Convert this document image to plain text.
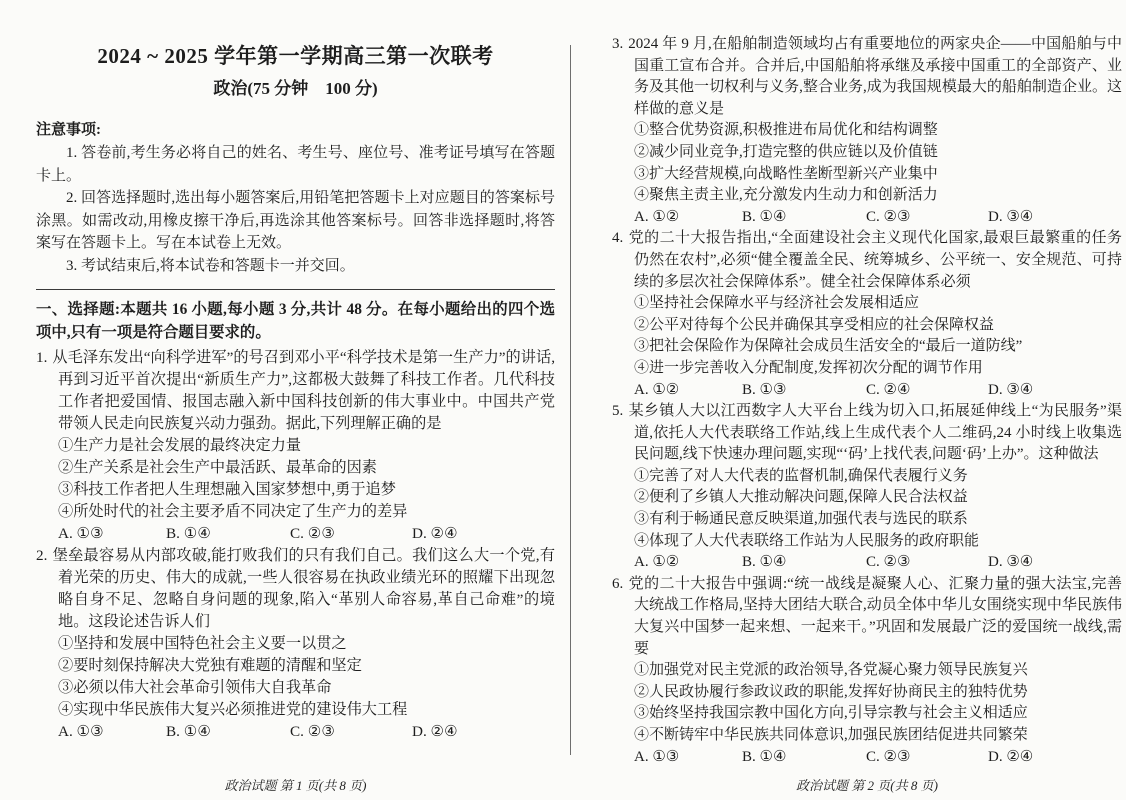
2024 ~ 2025 学年第一学期高三第一次联考
政治(75 分钟　100 分)

注意事项:

1. 答卷前,考生务必将自己的姓名、考生号、座位号、准考证号填写在答题卡上。

2. 回答选择题时,选出每小题答案后,用铅笔把答题卡上对应题目的答案标号涂黑。如需改动,用橡皮擦干净后,再选涂其他答案标号。回答非选择题时,将答案写在答题卡上。写在本试卷上无效。

3. 考试结束后,将本试卷和答题卡一并交回。

一、选择题:本题共 16 小题,每小题 3 分,共计 48 分。在每小题给出的四个选项中,只有一项是符合题目要求的。

1. 从毛泽东发出“向科学进军”的号召到邓小平“科学技术是第一生产力”的讲话,再到习近平首次提出“新质生产力”,这都极大鼓舞了科技工作者。几代科技工作者把爱国情、报国志融入新中国科技创新的伟大事业中。中国共产党带领人民走向民族复兴动力强劲。据此,下列理解正确的是

①生产力是社会发展的最终决定力量

②生产关系是社会生产中最活跃、最革命的因素

③科技工作者把人生理想融入国家梦想中,勇于追梦

④所处时代的社会主要矛盾不同决定了生产力的差异

A. ①③	B. ①④	C. ②③	D. ②④

2. 堡垒最容易从内部攻破,能打败我们的只有我们自己。我们这么大一个党,有着光荣的历史、伟大的成就,一些人很容易在执政业绩光环的照耀下出现忽略自身不足、忽略自身问题的现象,陷入“革别人命容易,革自己命难”的境地。这段论述告诉人们

①坚持和发展中国特色社会主义要一以贯之

②要时刻保持解决大党独有难题的清醒和坚定

③必须以伟大社会革命引领伟大自我革命

④实现中华民族伟大复兴必须推进党的建设伟大工程

A. ①③	B. ①④	C. ②③	D. ②④

政治试题 第 1 页(共 8 页)

3. 2024 年 9 月,在船舶制造领域均占有重要地位的两家央企——中国船舶与中国重工宣布合并。合并后,中国船舶将承继及承接中国重工的全部资产、业务及其他一切权利与义务,整合业务,成为我国规模最大的船舶制造企业。这样做的意义是

①整合优势资源,积极推进布局优化和结构调整

②减少同业竞争,打造完整的供应链以及价值链

③扩大经营规模,向战略性垄断型新兴产业集中

④聚焦主责主业,充分激发内生动力和创新活力

A. ①②	B. ①④	C. ②③	D. ③④

4. 党的二十大报告指出,“全面建设社会主义现代化国家,最艰巨最繁重的任务仍然在农村”,必须“健全覆盖全民、统筹城乡、公平统一、安全规范、可持续的多层次社会保障体系”。健全社会保障体系必须

①坚持社会保障水平与经济社会发展相适应

②公平对待每个公民并确保其享受相应的社会保障权益

③把社会保险作为保障社会成员生活安全的“最后一道防线”

④进一步完善收入分配制度,发挥初次分配的调节作用

A. ①②	B. ①③	C. ②④	D. ③④

5. 某乡镇人大以江西数字人大平台上线为切入口,拓展延伸线上“为民服务”渠道,依托人大代表联络工作站,线上生成代表个人二维码,24 小时线上收集选民问题,线下快速办理问题,实现“‘码’上找代表,问题‘码’上办”。这种做法

①完善了对人大代表的监督机制,确保代表履行义务

②便利了乡镇人大推动解决问题,保障人民合法权益

③有利于畅通民意反映渠道,加强代表与选民的联系

④体现了人大代表联络工作站为人民服务的政府职能

A. ①②	B. ①④	C. ②③	D. ③④

6. 党的二十大报告中强调:“统一战线是凝聚人心、汇聚力量的强大法宝,完善大统战工作格局,坚持大团结大联合,动员全体中华儿女围绕实现中华民族伟大复兴中国梦一起来想、一起来干。”巩固和发展最广泛的爱国统一战线,需要

①加强党对民主党派的政治领导,各党凝心聚力领导民族复兴

②人民政协履行参政议政的职能,发挥好协商民主的独特优势

③始终坚持我国宗教中国化方向,引导宗教与社会主义相适应

④不断铸牢中华民族共同体意识,加强民族团结促进共同繁荣

A. ①③	B. ①④	C. ②③	D. ②④

政治试题 第 2 页(共 8 页)
